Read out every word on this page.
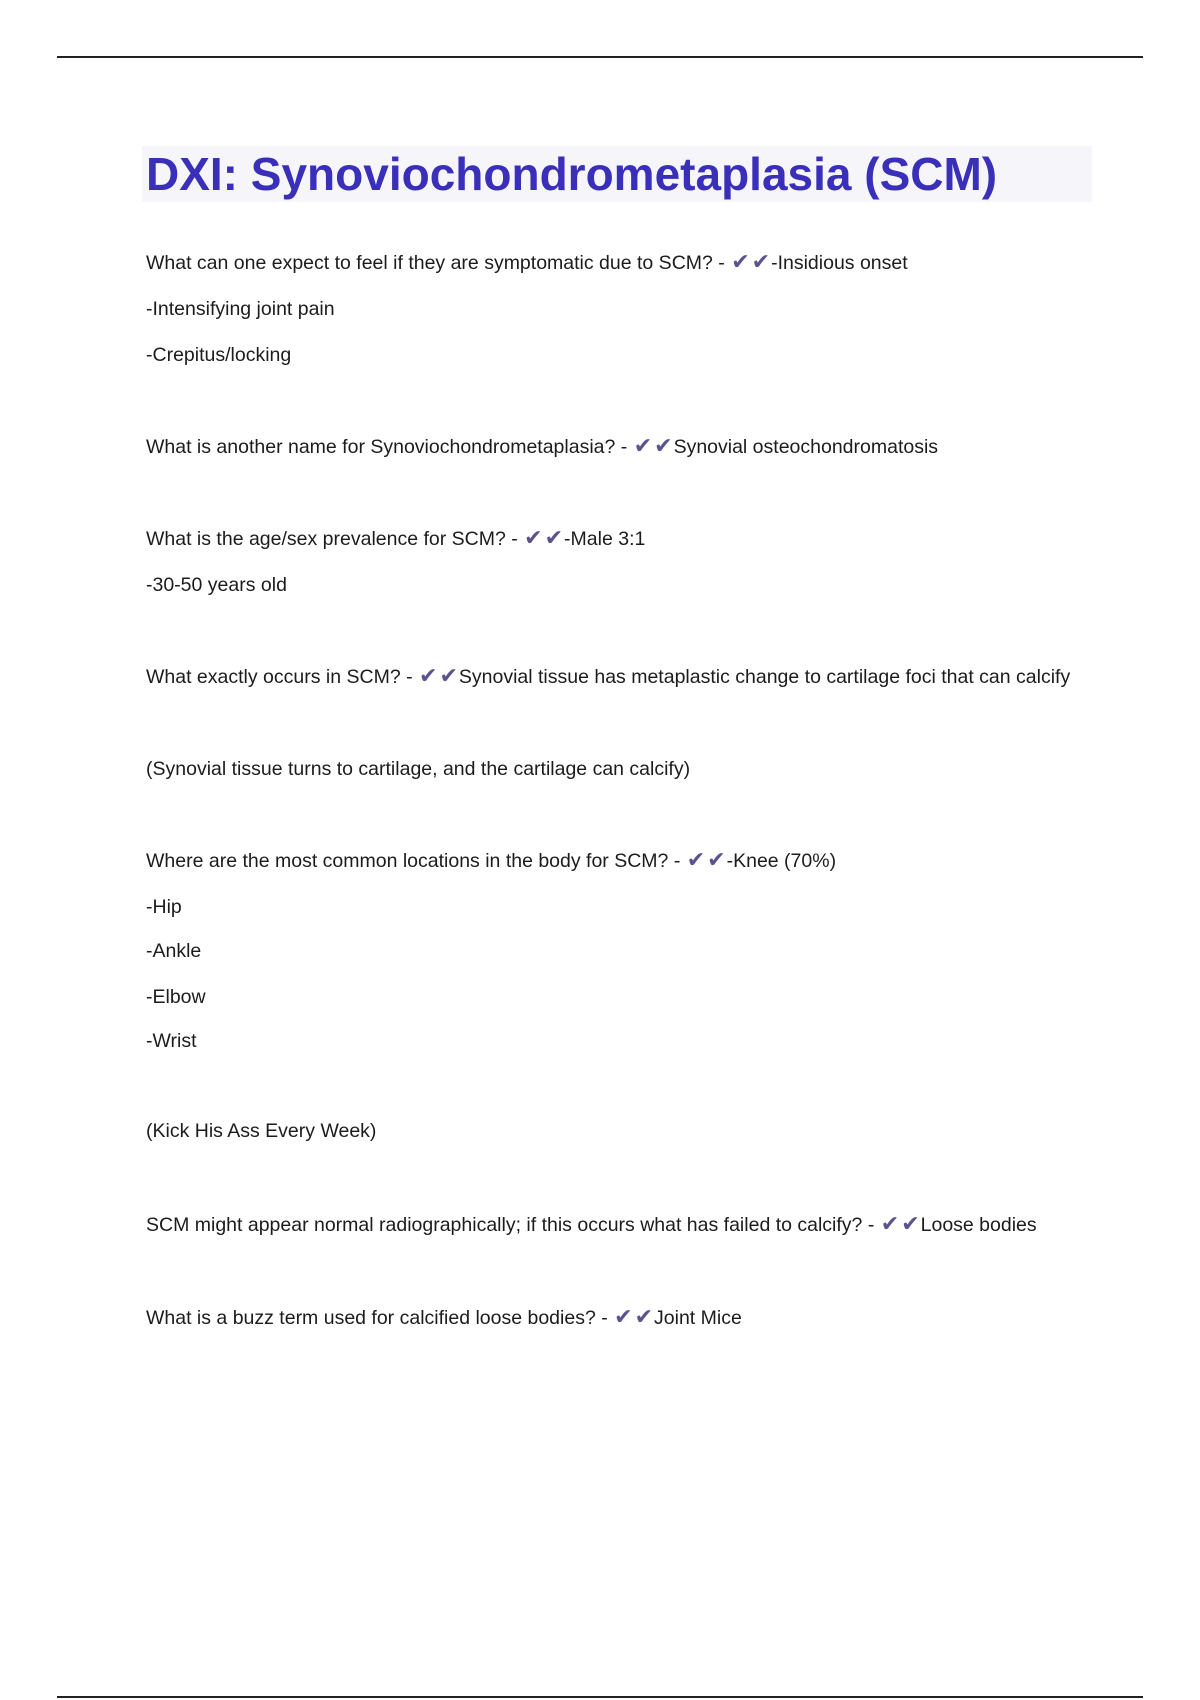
DXI: Synoviochondrometaplasia (SCM)

What can one expect to feel if they are symptomatic due to SCM? - ✔✔-Insidious onset

-Intensifying joint pain

-Crepitus/locking

What is another name for Synoviochondrometaplasia? - ✔✔Synovial osteochondromatosis

What is the age/sex prevalence for SCM? - ✔✔-Male 3:1

-30-50 years old

What exactly occurs in SCM? - ✔✔Synovial tissue has metaplastic change to cartilage foci that can calcify

(Synovial tissue turns to cartilage, and the cartilage can calcify)

Where are the most common locations in the body for SCM? - ✔✔-Knee (70%)

-Hip

-Ankle

-Elbow

-Wrist

(Kick His Ass Every Week)

SCM might appear normal radiographically; if this occurs what has failed to calcify? - ✔✔Loose bodies

What is a buzz term used for calcified loose bodies? - ✔✔Joint Mice
